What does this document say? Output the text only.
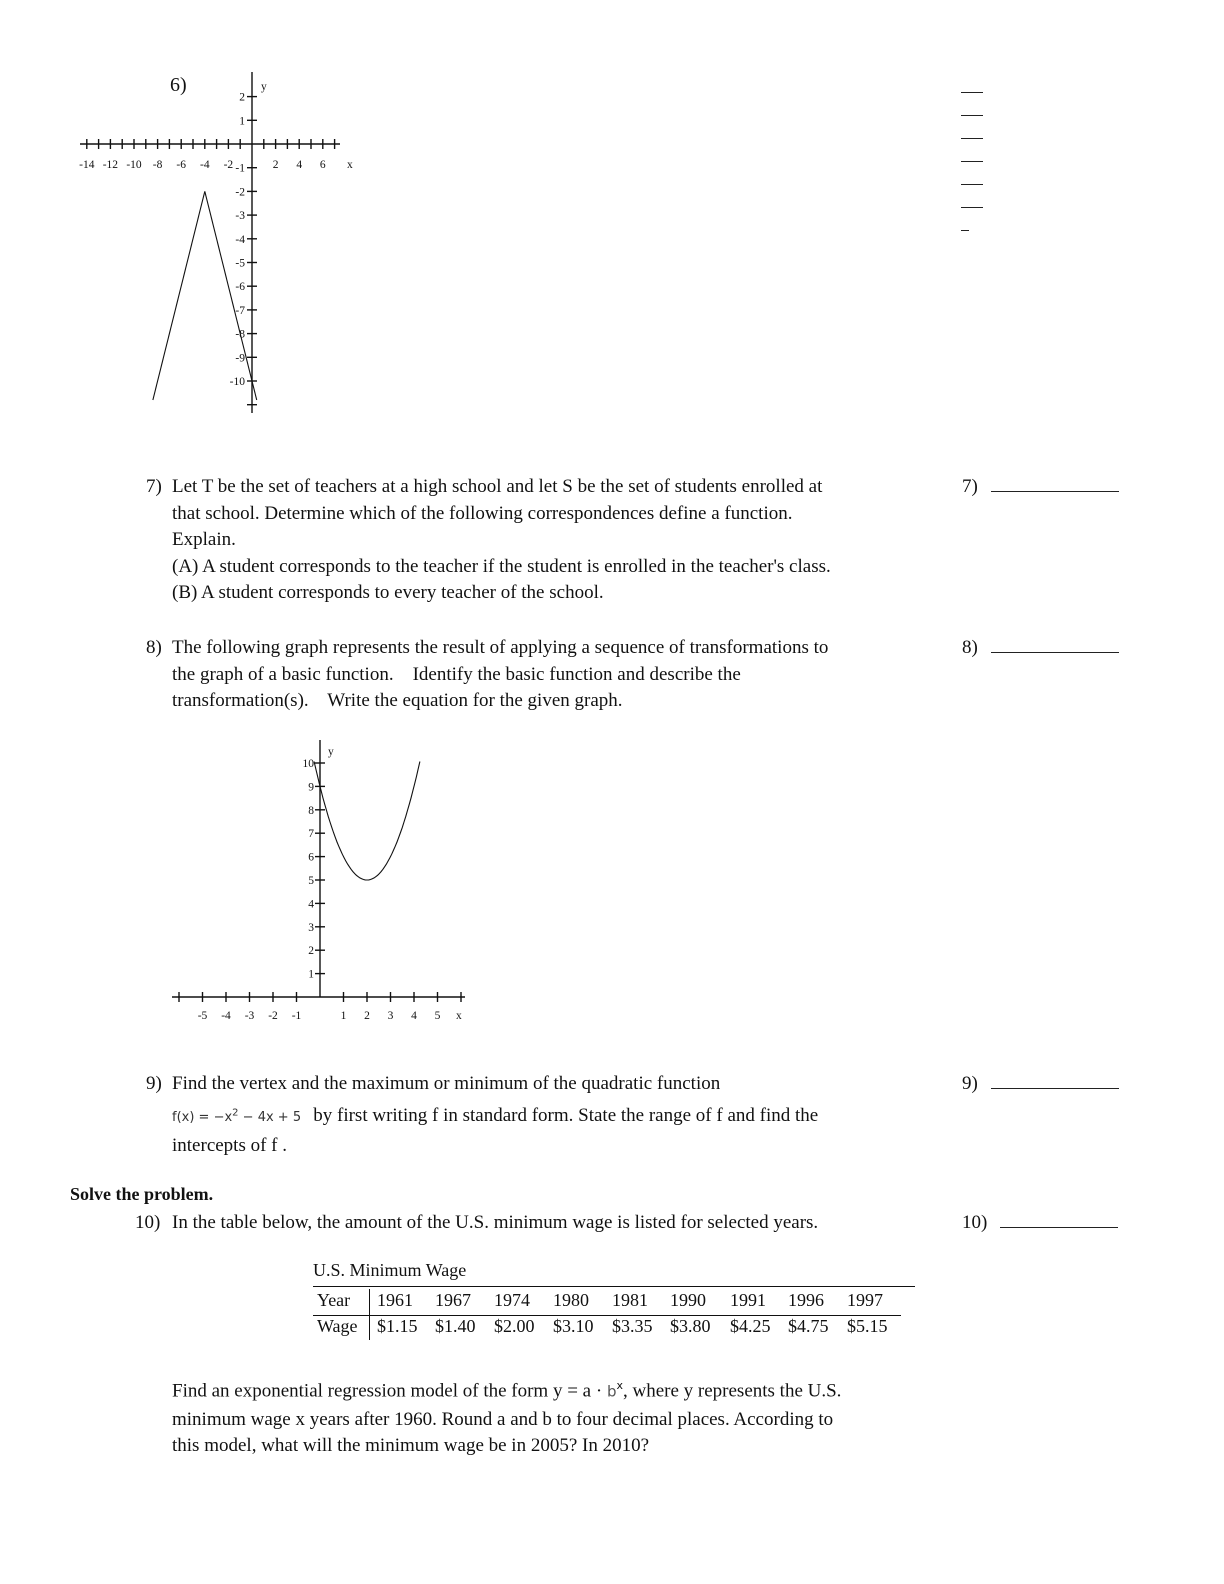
6)
-14 -12 -10 -8 -6 -4 -2	2 4 6
2
1
-1
-2
-3
-4
-5
-6
-7
-8
-9
-10
y
x
7) Let T be the set of teachers at a high school and let S be the set of students enrolled at
that school. Determine which of the following correspondences define a function.
Explain.
(A) A student corresponds to the teacher if the student is enrolled in the teacher's class.
(B) A student corresponds to every teacher of the school.
7)
8) The following graph represents the result of applying a sequence of transformations to
the graph of a basic function.    Identify the basic function and describe the
transformation(s).    Write the equation for the given graph.
8)
-5 -4 -3 -2 -1	1 2 3 4 5
10
9
8
7
6
5
4
3
2
1
y
x
9) Find the vertex and the maximum or minimum of the quadratic function
$f(x) = -x^2 - 4x + 5$ by first writing f in standard form. State the range of f and find the
intercepts of f .
9)
Solve the problem.
10) In the table below, the amount of the U.S. minimum wage is listed for selected years.	10)
U.S. Minimum Wage
Year 1961 1967 1974 1980 1981 1990 1991 1996 1997
Wage $1.15 $1.40 $2.00 $3.10 $3.35 $3.80 $4.25 $4.75 $5.15
Find an exponential regression model of the form $y = a \cdot b^x$, where y represents the U.S.
minimum wage x years after 1960. Round a and b to four decimal places. According to
this model, what will the minimum wage be in 2005? In 2010?
